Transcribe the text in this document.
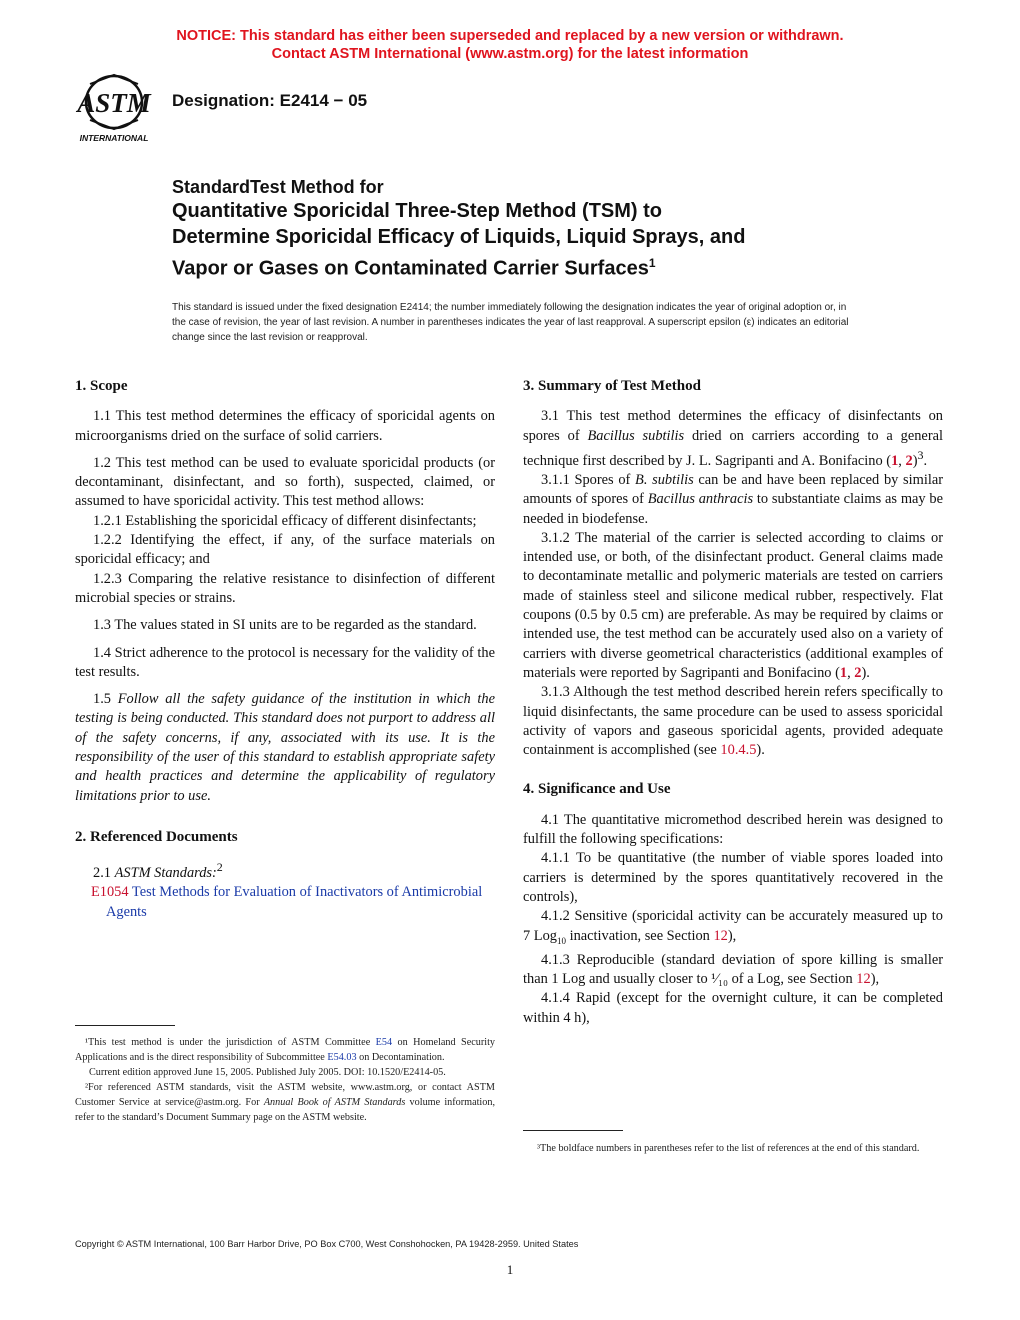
NOTICE: This standard has either been superseded and replaced by a new version or withdrawn.
Contact ASTM International (www.astm.org) for the latest information
ASTM
INTERNATIONAL
Designation: E2414 − 05
StandardTest Method for
Quantitative Sporicidal Three-Step Method (TSM) to
Determine Sporicidal Efficacy of Liquids, Liquid Sprays, and
Vapor or Gases on Contaminated Carrier Surfaces$^1$
This standard is issued under the fixed designation E2414; the number immediately following the designation indicates the year of original adoption or, in the case of revision, the year of last revision. A number in parentheses indicates the year of last reapproval. A superscript epsilon (ε) indicates an editorial change since the last revision or reapproval.
1. Scope

1.1 This test method determines the efficacy of sporicidal agents on microorganisms dried on the surface of solid carriers.

1.2 This test method can be used to evaluate sporicidal products (or decontaminant, disinfectant, and so forth), suspected, claimed, or assumed to have sporicidal activity. This test method allows:

1.2.1 Establishing the sporicidal efficacy of different disinfectants;

1.2.2 Identifying the effect, if any, of the surface materials on sporicidal efficacy; and

1.2.3 Comparing the relative resistance to disinfection of different microbial species or strains.

1.3 The values stated in SI units are to be regarded as the standard.

1.4 Strict adherence to the protocol is necessary for the validity of the test results.

1.5 Follow all the safety guidance of the institution in which the testing is being conducted. This standard does not purport to address all of the safety concerns, if any, associated with its use. It is the responsibility of the user of this standard to establish appropriate safety and health practices and determine the applicability of regulatory limitations prior to use.

2. Referenced Documents

2.1 ASTM Standards:$^2$

E1054 Test Methods for Evaluation of Inactivators of Antimicrobial Agents

3. Summary of Test Method

3.1 This test method determines the efficacy of disinfectants on spores of Bacillus subtilis dried on carriers according to a general technique first described by J. L. Sagripanti and A. Bonifacino (1, 2)$^3$.

3.1.1 Spores of B. subtilis can be and have been replaced by similar amounts of spores of Bacillus anthracis to substantiate claims as may be needed in biodefense.

3.1.2 The material of the carrier is selected according to claims or intended use, or both, of the disinfectant product. General claims made to decontaminate metallic and polymeric materials are tested on carriers made of stainless steel and silicone medical rubber, respectively. Flat coupons (0.5 by 0.5 cm) are preferable. As may be required by claims or intended use, the test method can be accurately used also on a variety of carriers with diverse geometrical characteristics (additional examples of materials were reported by Sagripanti and Bonifacino (1, 2).

3.1.3 Although the test method described herein refers specifically to liquid disinfectants, the same procedure can be used to assess sporicidal activity of vapors and gaseous sporicidal agents, provided adequate containment is accomplished (see 10.4.5).

4. Significance and Use

4.1 The quantitative micromethod described herein was designed to fulfill the following specifications:

4.1.1 To be quantitative (the number of viable spores loaded into carriers is determined by the spores quantitatively recovered in the controls),

4.1.2 Sensitive (sporicidal activity can be accurately measured up to 7 Log$_{10}$ inactivation, see Section 12),

4.1.3 Reproducible (standard deviation of spore killing is smaller than 1 Log and usually closer to ¹⁄₁₀ of a Log, see Section 12),

4.1.4 Rapid (except for the overnight culture, it can be completed within 4 h),

¹This test method is under the jurisdiction of ASTM Committee E54 on Homeland Security Applications and is the direct responsibility of Subcommittee E54.03 on Decontamination.

Current edition approved June 15, 2005. Published July 2005. DOI: 10.1520/E2414-05.

²For referenced ASTM standards, visit the ASTM website, www.astm.org, or contact ASTM Customer Service at service@astm.org. For Annual Book of ASTM Standards volume information, refer to the standard’s Document Summary page on the ASTM website.

³The boldface numbers in parentheses refer to the list of references at the end of this standard.

Copyright © ASTM International, 100 Barr Harbor Drive, PO Box C700, West Conshohocken, PA 19428-2959. United States
1
